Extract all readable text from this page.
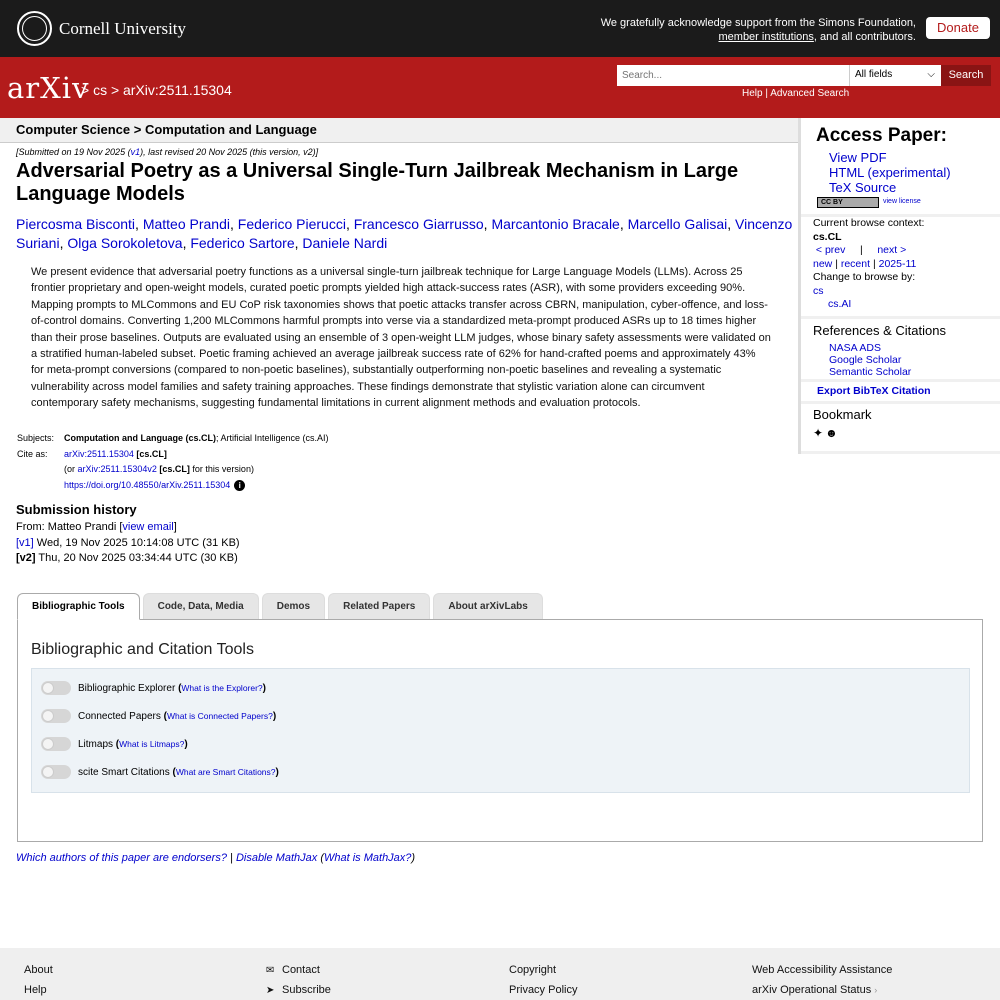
Cornell University	We gratefully acknowledge support from the Simons Foundation,
member institutions, and all contributors.
Donate
arXiv
> cs > arXiv:2511.15304
Search...
All fields	⌵	Search
Help | Advanced Search
Computer Science > Computation and Language
[Submitted on 19 Nov 2025 (v1), last revised 20 Nov 2025 (this version, v2)]
Adversarial Poetry as a Universal Single-Turn Jailbreak Mechanism in Large Language Models
Piercosma Bisconti, Matteo Prandi, Federico Pierucci, Francesco Giarrusso, Marcantonio Bracale, Marcello Galisai, Vincenzo Suriani, Olga Sorokoletova, Federico Sartore, Daniele Nardi
We present evidence that adversarial poetry functions as a universal single-turn jailbreak technique for Large Language Models (LLMs). Across 25 frontier proprietary and open-weight models, curated poetic prompts yielded high attack-success rates (ASR), with some providers exceeding 90%. Mapping prompts to MLCommons and EU CoP risk taxonomies shows that poetic attacks transfer across CBRN, manipulation, cyber-offence, and loss-of-control domains. Converting 1,200 MLCommons harmful prompts into verse via a standardized meta-prompt produced ASRs up to 18 times higher than their prose baselines. Outputs are evaluated using an ensemble of 3 open-weight LLM judges, whose binary safety assessments were validated on a stratified human-labeled subset. Poetic framing achieved an average jailbreak success rate of 62% for hand-crafted poems and approximately 43% for meta-prompt conversions (compared to non-poetic baselines), substantially outperforming non-poetic baselines and revealing a systematic vulnerability across model families and safety training approaches. These findings demonstrate that stylistic variation alone can circumvent contemporary safety mechanisms, suggesting fundamental limitations in current alignment methods and evaluation protocols.
Subjects:	Computation and Language (cs.CL); Artificial Intelligence (cs.AI)
Cite as:	arXiv:2511.15304 [cs.CL]
(or arXiv:2511.15304v2 [cs.CL] for this version)
https://doi.org/10.48550/arXiv.2511.15304 i
Submission history
From: Matteo Prandi [view email]
[v1] Wed, 19 Nov 2025 10:14:08 UTC (31 KB)
[v2] Thu, 20 Nov 2025 03:34:44 UTC (30 KB)
Bibliographic Tools	Code, Data, Media	Demos	Related Papers	About arXivLabs
Bibliographic and Citation Tools
Bibliographic Explorer
( What is the Explorer? )
Connected Papers
( What is Connected Papers? )
Litmaps
( What is Litmaps? )
scite Smart Citations
( What are Smart Citations? )
Which authors of this paper are endorsers? | Disable MathJax (What is MathJax?)
Access Paper:
View PDF
HTML (experimental)
TeX Source
CC BY	view license
Current browse context:
cs.CL
< prev | next >
new | recent | 2025-11
Change to browse by:
cs
cs.AI
References & Citations
NASA ADS
Google Scholar
Semantic Scholar
Export BibTeX Citation
Bookmark
✦ ☻
About
Help
✉ Contact
➤ Subscribe
Copyright
Privacy Policy
Web Accessibility Assistance
arXiv Operational Status ›
